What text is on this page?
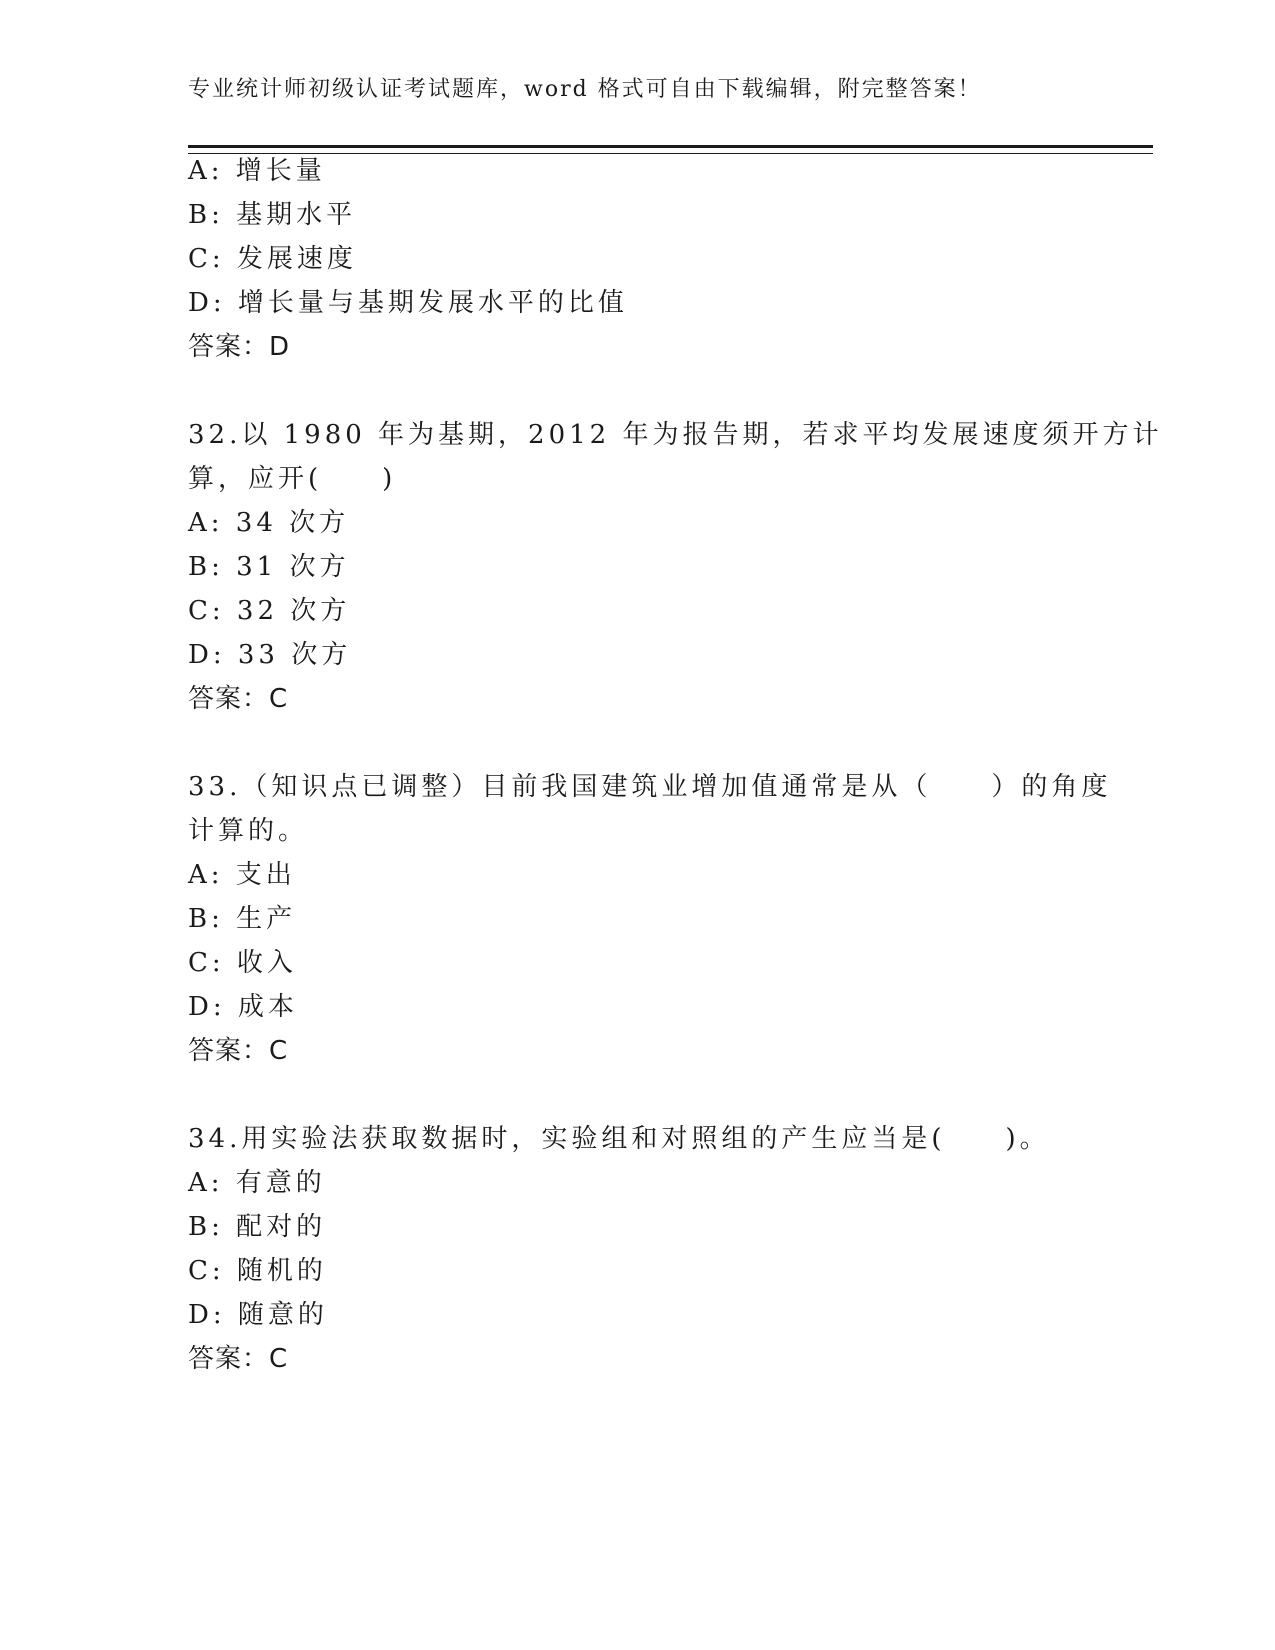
专业统计师初级认证考试题库，word 格式可自由下载编辑，附完整答案！
A: 增长量
B: 基期水平
C: 发展速度
D: 增长量与基期发展水平的比值
答案：D
32.以 1980 年为基期，2012 年为报告期，若求平均发展速度须开方计
算，应开(　　)
A: 34 次方
B: 31 次方
C: 32 次方
D: 33 次方
答案：C
33.（知识点已调整）目前我国建筑业增加值通常是从（　　）的角度
计算的。
A: 支出
B: 生产
C: 收入
D: 成本
答案：C
34.用实验法获取数据时，实验组和对照组的产生应当是(　　)。
A: 有意的
B: 配对的
C: 随机的
D: 随意的
答案：C
